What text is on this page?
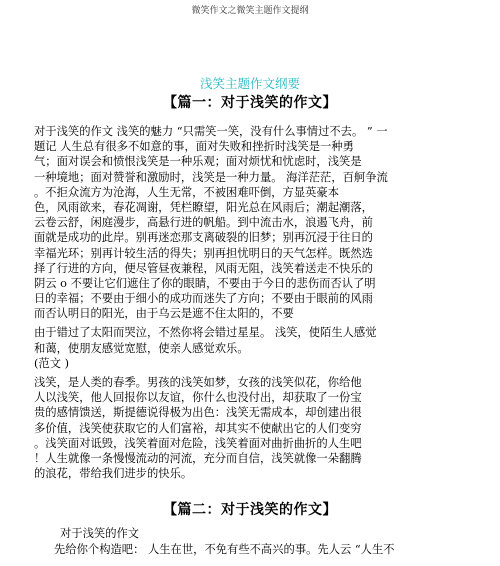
微笑作文之微笑主题作文提纲
浅笑主题作文纲要
【篇一：对于浅笑的作文】
对于浅笑的作文 浅笑的魅力 “只需笑一笑，没有什么事情过不去。 ” 一
题记 人生总有很多不如意的事，面对失败和挫折时浅笑是一种勇
气；面对误会和愤恨浅笑是一种乐观；面对烦忧和忧虑时，浅笑是
一种境地；面对赞誉和激励时，浅笑是一种力量。 海洋茫茫，百舸争流
。不拒众流方为沧海，人生无常，不被困难吓倒，方显英豪本
色，风雨欲来，春花凋谢，凭栏瞭望，阳光总在风雨后；潮起潮落，
云卷云舒，闲庭漫步，高悬行进的帆船。到中流击水，浪遏飞舟，前
面就是成功的此岸。别再迷恋那支离破裂的旧梦；别再沉浸于往日的
幸福光环；别再计较生活的得失；别再担忧明日的天气怎样。既然选
择了行进的方向，便尽管昼夜兼程，风雨无阻，浅笑着送走不快乐的
阴云 o 不要让它们遮住了你的眼睛，不要由于今日的悲伤而否认了明
日的幸福；不要由于细小的成功而迷失了方向；不要由于眼前的风雨
而否认明日的阳光，由于乌云是遮不住太阳的，不要
由于错过了太阳而哭泣，不然你将会错过星星。 浅笑，使陌生人感觉
和蔼，使朋友感觉宽慰，使亲人感觉欢乐。
(范文 )
浅笑，是人类的春季。男孩的浅笑如梦，女孩的浅笑似花，你给他
人以浅笑，他人回报你以友谊，你什么也没付出，却获取了一份宝
贵的感情馈送，斯提德说得极为出色：浅笑无需成本，却创建出很
多价值，浅笑使获取它的人们富裕，却其实不使献出它的人们变穷
。浅笑面对诋毁，浅笑着面对危险，浅笑着面对曲折曲折的人生吧
！人生就像一条慢慢流动的河流，充分而自信，浅笑就像一朵翻腾
的浪花，带给我们进步的快乐。
【篇二：对于浅笑的作文】
对于浅笑的作文
先给你个构造吧： 人生在世，不免有些不高兴的事。先人云 “人生不
